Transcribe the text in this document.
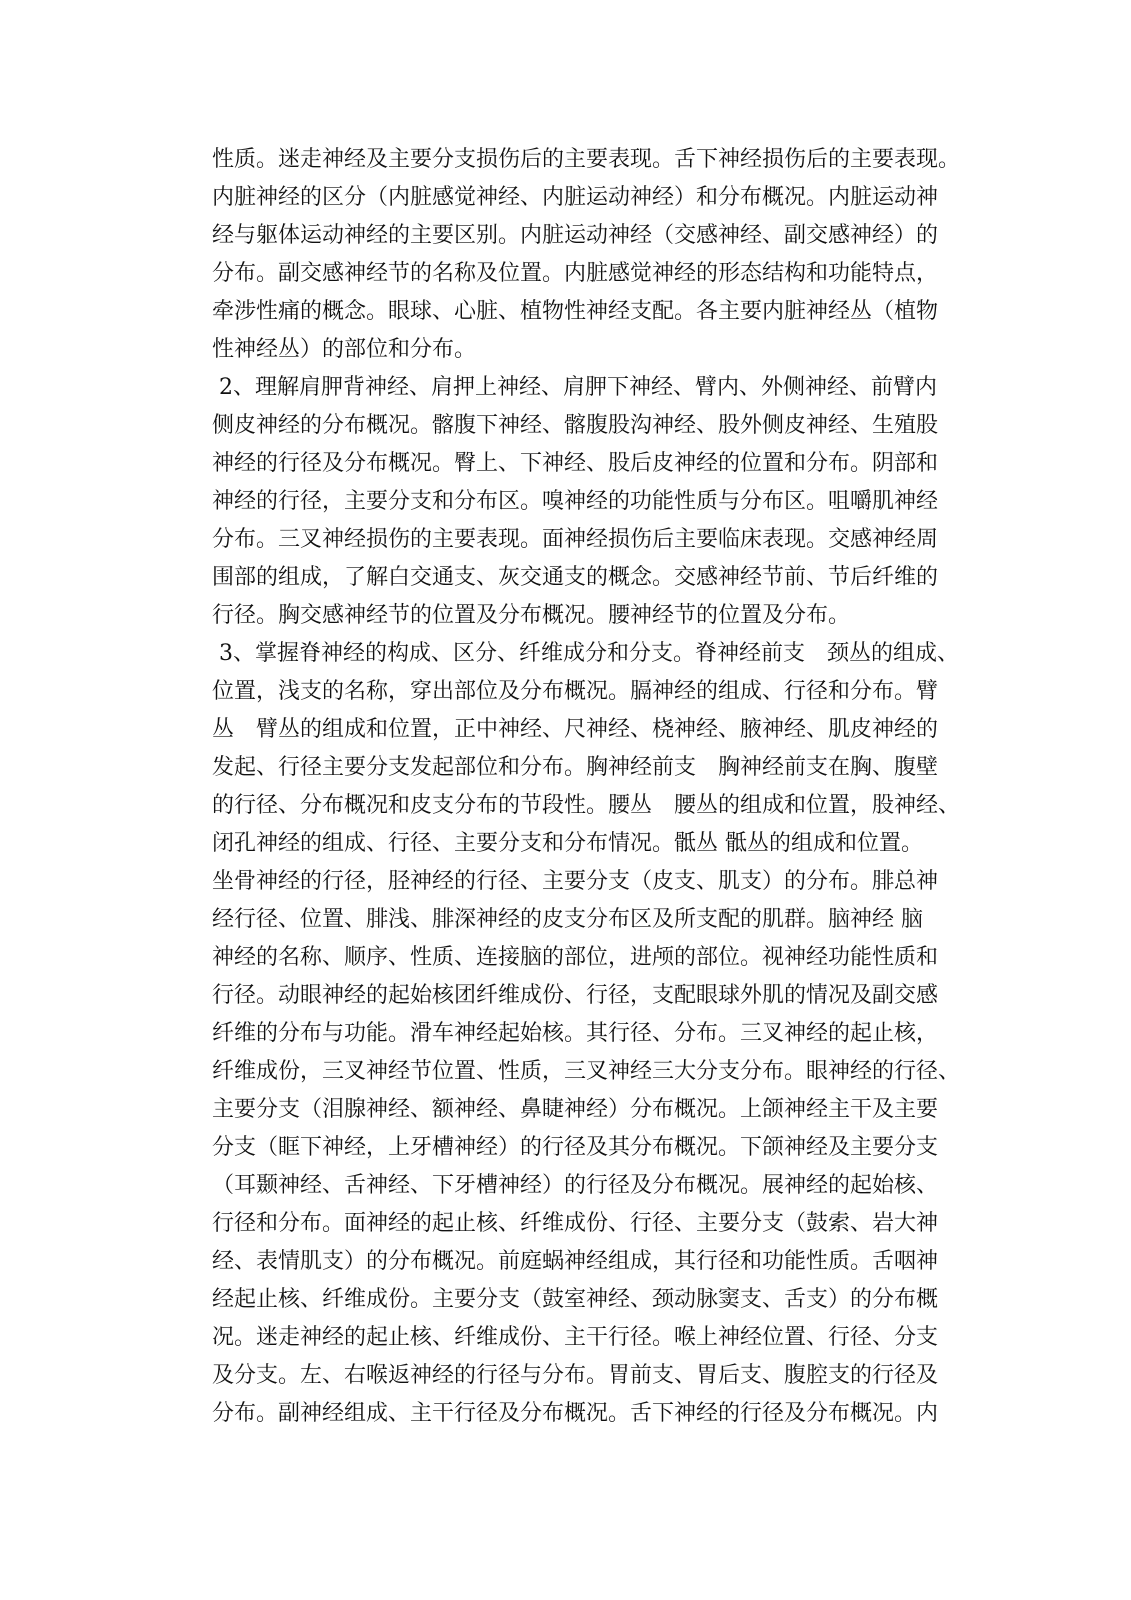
性质。迷走神经及主要分支损伤后的主要表现。舌下神经损伤后的主要表现。
内脏神经的区分（内脏感觉神经、内脏运动神经）和分布概况。内脏运动神
经与躯体运动神经的主要区别。内脏运动神经（交感神经、副交感神经）的
分布。副交感神经节的名称及位置。内脏感觉神经的形态结构和功能特点，
牵涉性痛的概念。眼球、心脏、植物性神经支配。各主要内脏神经丛（植物
性神经丛）的部位和分布。
2、理解肩胛背神经、肩押上神经、肩胛下神经、臂内、外侧神经、前臂内
侧皮神经的分布概况。髂腹下神经、髂腹股沟神经、股外侧皮神经、生殖股
神经的行径及分布概况。臀上、下神经、股后皮神经的位置和分布。阴部和
神经的行径，主要分支和分布区。嗅神经的功能性质与分布区。咀嚼肌神经
分布。三叉神经损伤的主要表现。面神经损伤后主要临床表现。交感神经周
围部的组成，了解白交通支、灰交通支的概念。交感神经节前、节后纤维的
行径。胸交感神经节的位置及分布概况。腰神经节的位置及分布。
3、掌握脊神经的构成、区分、纤维成分和分支。脊神经前支　颈丛的组成、
位置，浅支的名称，穿出部位及分布概况。膈神经的组成、行径和分布。臂
丛　臂丛的组成和位置，正中神经、尺神经、桡神经、腋神经、肌皮神经的
发起、行径主要分支发起部位和分布。胸神经前支　胸神经前支在胸、腹壁
的行径、分布概况和皮支分布的节段性。腰丛　腰丛的组成和位置，股神经、
闭孔神经的组成、行径、主要分支和分布情况。骶丛 骶丛的组成和位置。
坐骨神经的行径，胫神经的行径、主要分支（皮支、肌支）的分布。腓总神
经行径、位置、腓浅、腓深神经的皮支分布区及所支配的肌群。脑神经 脑
神经的名称、顺序、性质、连接脑的部位，进颅的部位。视神经功能性质和
行径。动眼神经的起始核团纤维成份、行径，支配眼球外肌的情况及副交感
纤维的分布与功能。滑车神经起始核。其行径、分布。三叉神经的起止核，
纤维成份，三叉神经节位置、性质，三叉神经三大分支分布。眼神经的行径、
主要分支（泪腺神经、额神经、鼻睫神经）分布概况。上颌神经主干及主要
分支（眶下神经，上牙槽神经）的行径及其分布概况。下颌神经及主要分支
（耳颞神经、舌神经、下牙槽神经）的行径及分布概况。展神经的起始核、
行径和分布。面神经的起止核、纤维成份、行径、主要分支（鼓索、岩大神
经、表情肌支）的分布概况。前庭蜗神经组成，其行径和功能性质。舌咽神
经起止核、纤维成份。主要分支（鼓室神经、颈动脉窦支、舌支）的分布概
况。迷走神经的起止核、纤维成份、主干行径。喉上神经位置、行径、分支
及分支。左、右喉返神经的行径与分布。胃前支、胃后支、腹腔支的行径及
分布。副神经组成、主干行径及分布概况。舌下神经的行径及分布概况。内
